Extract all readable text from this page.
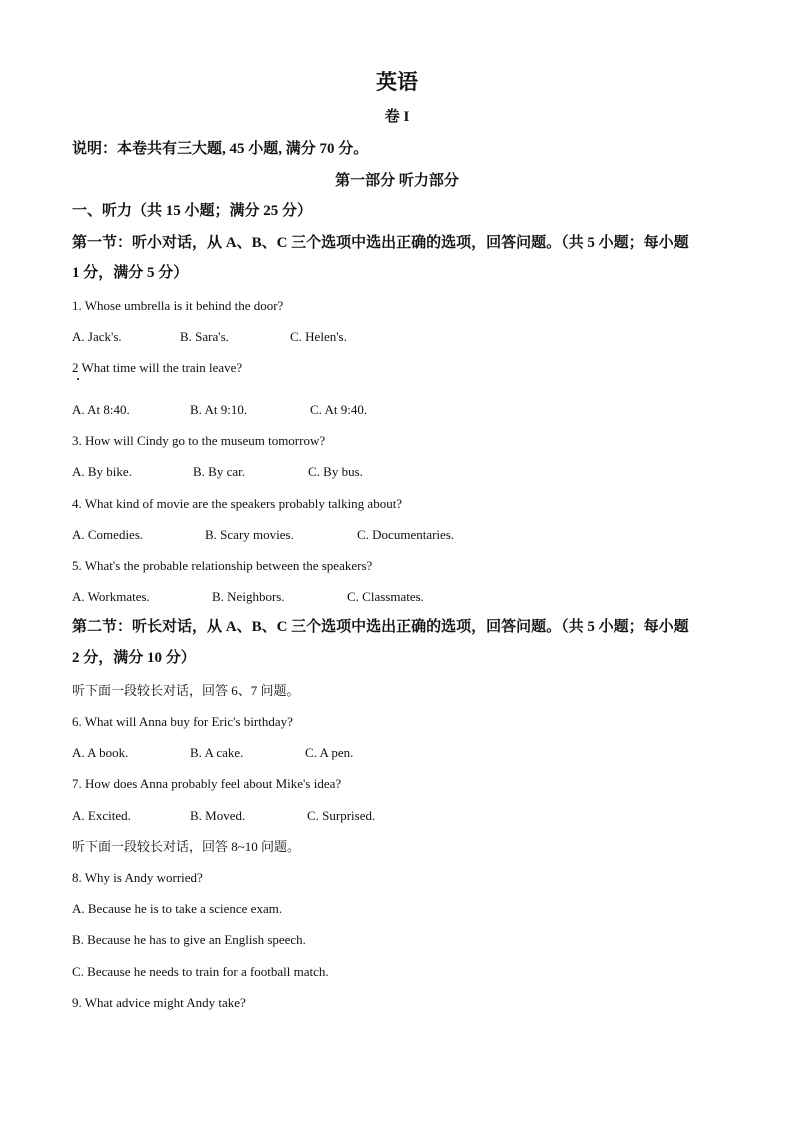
英语
卷 I
说明：本卷共有三大题, 45 小题, 满分 70 分。
第一部分 听力部分
一、听力（共 15 小题；满分 25 分）
第一节：听小对话，从 A、B、C 三个选项中选出正确的选项，回答问题。（共 5 小题；每小题
1 分，满分 5 分）
1. Whose umbrella is it behind the door?
A. Jack's.	B. Sara's.	C. Helen's.
2 What time will the train leave?
A. At 8:40.	B. At 9:10.	C. At 9:40.
3. How will Cindy go to the museum tomorrow?
A. By bike.	B. By car.	C. By bus.
4. What kind of movie are the speakers probably talking about?
A. Comedies.	B. Scary movies.	C. Documentaries.
5. What's the probable relationship between the speakers?
A. Workmates.	B. Neighbors.	C. Classmates.
第二节：听长对话，从 A、B、C 三个选项中选出正确的选项，回答问题。（共 5 小题；每小题
2 分，满分 10 分）
听下面一段较长对话，回答 6、7 问题。
6. What will Anna buy for Eric's birthday?
A. A book.	B. A cake.	C. A pen.
7. How does Anna probably feel about Mike's idea?
A. Excited.	B. Moved.	C. Surprised.
听下面一段较长对话，回答 8~10 问题。
8. Why is Andy worried?
A. Because he is to take a science exam.
B. Because he has to give an English speech.
C. Because he needs to train for a football match.
9. What advice might Andy take?
